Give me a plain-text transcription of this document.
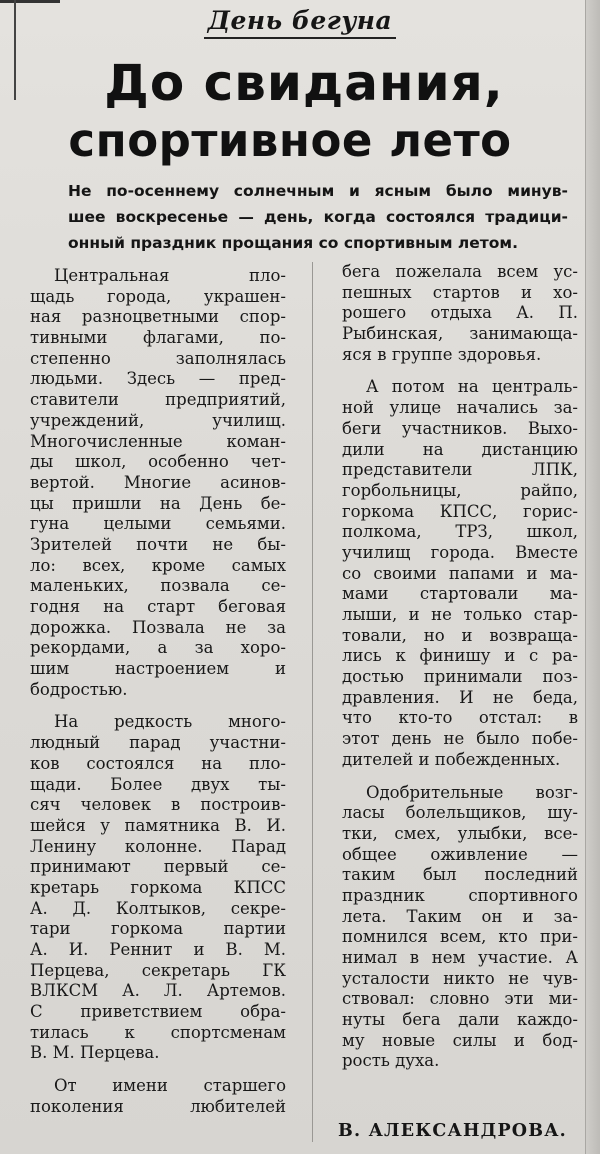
День бегуна
До свидания,
спортивное лето
Не по-осеннему солнечным и ясным было минув-
шее воскресенье — день, когда состоялся традици-
онный праздник прощания со спортивным летом.
Центральная пло-
щадь города, украшен-
ная разноцветными спор-
тивными флагами, по-
степенно заполнялась
людьми. Здесь — пред-
ставители предприятий,
учреждений, училищ.
Многочисленные коман-
ды школ, особенно чет-
вертой. Многие асинов-
цы пришли на День бе-
гуна целыми семьями.
Зрителей почти не бы-
ло: всех, кроме самых
маленьких, позвала се-
годня на старт беговая
дорожка. Позвала не за
рекордами, а за хоро-
шим настроением и
бодростью.
На редкость много-
людный парад участни-
ков состоялся на пло-
щади. Более двух ты-
сяч человек в построив-
шейся у памятника В. И.
Ленину колонне. Парад
принимают первый се-
кретарь горкома КПСС
А. Д. Колтыков, секре-
тари горкома партии
А. И. Реннит и В. М.
Перцева, секретарь ГК
ВЛКСМ А. Л. Артемов.
С приветствием обра-
тилась к спортсменам
В. М. Перцева.
От имени старшего
поколения любителей
бега пожелала всем ус-
пешных стартов и хо-
рошего отдыха А. П.
Рыбинская, занимающа-
яся в группе здоровья.
А потом на централь-
ной улице начались за-
беги участников. Выхо-
дили на дистанцию
представители ЛПК,
горбольницы, райпо,
горкома КПСС, горис-
полкома, ТРЗ, школ,
училищ города. Вместе
со своими папами и ма-
мами стартовали ма-
лыши, и не только стар-
товали, но и возвраща-
лись к финишу и с ра-
достью принимали поз-
дравления. И не беда,
что кто-то отстал: в
этот день не было побе-
дителей и побежденных.
Одобрительные возг-
ласы болельщиков, шу-
тки, смех, улыбки, все-
общее оживление —
таким был последний
праздник спортивного
лета. Таким он и за-
помнился всем, кто при-
нимал в нем участие. А
усталости никто не чув-
ствовал: словно эти ми-
нуты бега дали каждо-
му новые силы и бод-
рость духа.
В. АЛЕКСАНДРОВА.
